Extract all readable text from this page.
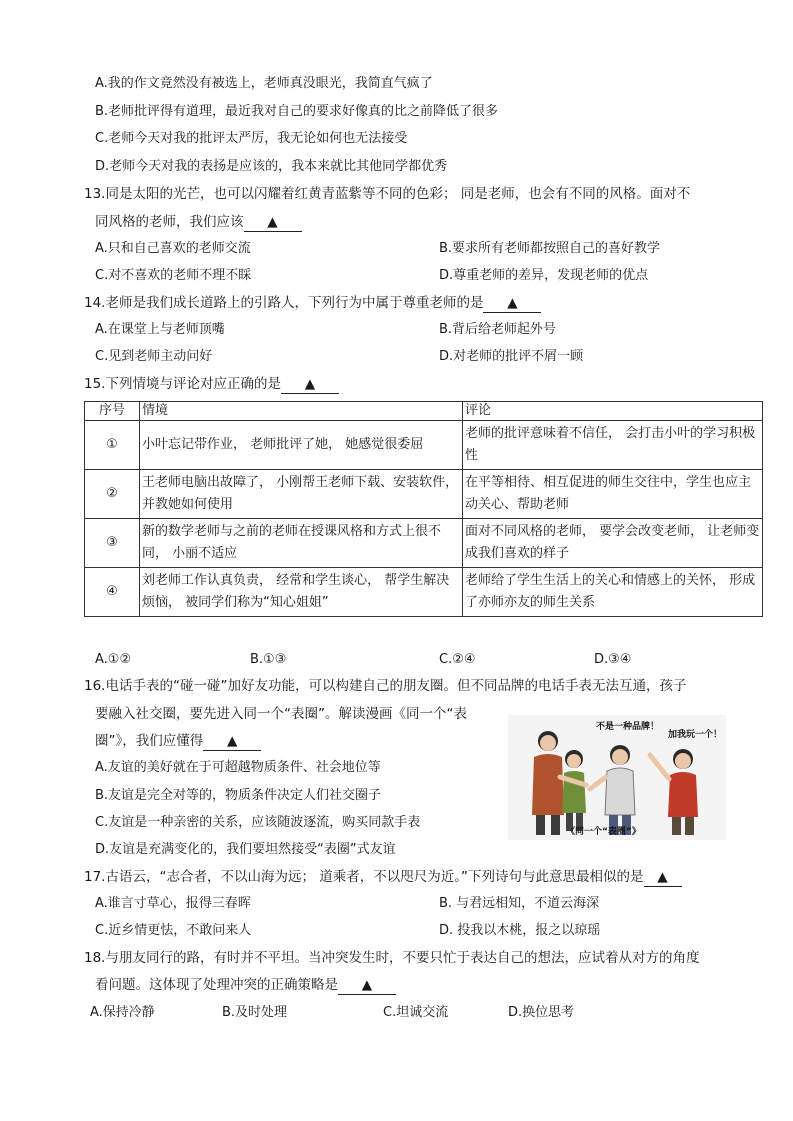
A.我的作文竟然没有被选上，老师真没眼光，我简直气疯了
B.老师批评得有道理，最近我对自己的要求好像真的比之前降低了很多
C.老师今天对我的批评太严厉，我无论如何也无法接受
D.老师今天对我的表扬是应该的，我本来就比其他同学都优秀
13.同是太阳的光芒，也可以闪耀着红黄青蓝紫等不同的色彩； 同是老师，也会有不同的风格。面对不
同风格的老师，我们应该 ▲
A.只和自己喜欢的老师交流	B.要求所有老师都按照自己的喜好教学
C.对不喜欢的老师不理不睬	D.尊重老师的差异，发现老师的优点
14.老师是我们成长道路上的引路人，下列行为中属于尊重老师的是 ▲
A.在课堂上与老师顶嘴	B.背后给老师起外号
C.见到老师主动问好	D.对老师的批评不屑一顾
15.下列情境与评论对应正确的是 ▲
序号	情境	评论
①	小叶忘记带作业， 老师批评了她， 她感觉很委屈	老师的批评意味着不信任， 会打击小叶的学习积极性
②	王老师电脑出故障了， 小刚帮王老师下载、安装软件， 并教她如何使用	在平等相待、相互促进的师生交往中，学生也应主动关心、帮助老师
③	新的数学老师与之前的老师在授课风格和方式上很不同， 小丽不适应	面对不同风格的老师， 要学会改变老师， 让老师变成我们喜欢的样子
④	刘老师工作认真负责， 经常和学生谈心， 帮学生解决烦恼， 被同学们称为“知心姐姐”	老师给了学生生活上的关心和情感上的关怀， 形成了亦师亦友的师生关系
A.①②	B.①③	C.②④	D.③④
16.电话手表的“碰一碰”加好友功能，可以构建自己的朋友圈。但不同品牌的电话手表无法互通，孩子
要融入社交圈，要先进入同一个“表圈”。解读漫画《同一个“表
圈”》，我们应懂得 ▲
A.友谊的美好就在于可超越物质条件、社会地位等
B.友谊是完全对等的，物质条件决定人们社交圈子
C.友谊是一种亲密的关系，应该随波逐流，购买同款手表
D.友谊是充满变化的，我们要坦然接受“表圈”式友谊
不是一种品牌！
加我玩一个！
《同一个“表圈”》
17.古语云，“志合者，不以山海为远； 道乘者，不以咫尺为近。”下列诗句与此意思最相似的是 ▲
A.谁言寸草心，报得三春晖	B. 与君远相知，不道云海深
C.近乡情更怯，不敢问来人	D. 投我以木桃，报之以琼瑶
18.与朋友同行的路，有时并不平坦。当冲突发生时，不要只忙于表达自己的想法，应试着从对方的角度
看问题。这体现了处理冲突的正确策略是 ▲
A.保持冷静	B.及时处理	C.坦诚交流	D.换位思考
